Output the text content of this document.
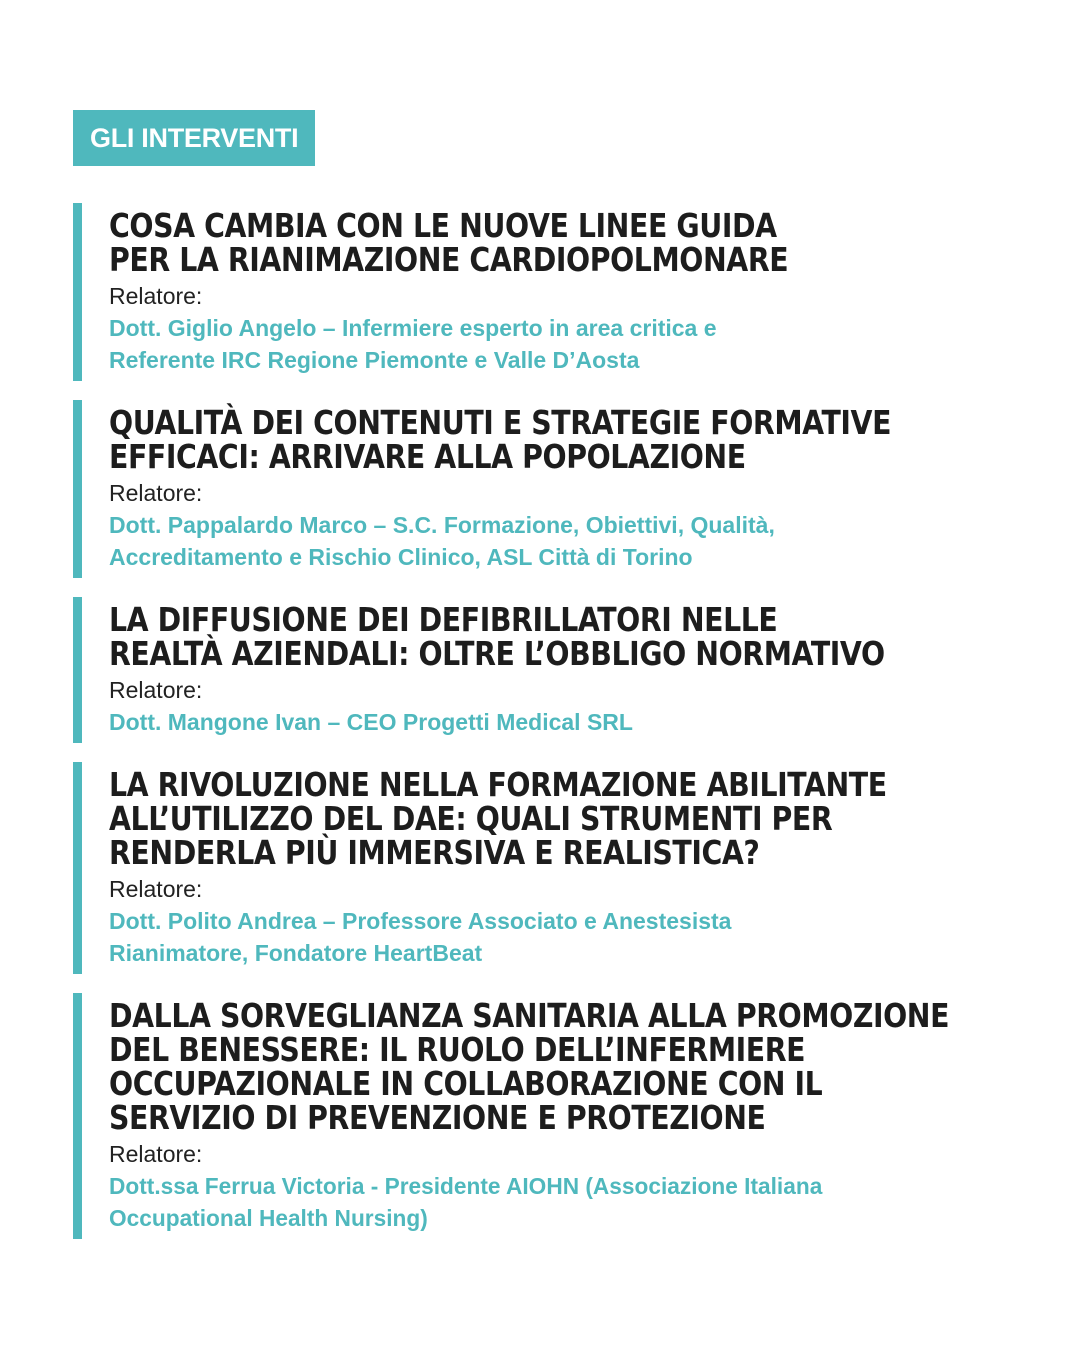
GLI INTERVENTI
COSA CAMBIA CON LE NUOVE LINEE GUIDA
PER LA RIANIMAZIONE CARDIOPOLMONARE
Relatore:
Dott. Giglio Angelo – Infermiere esperto in area critica e
Referente IRC Regione Piemonte e Valle D’Aosta
QUALITÀ DEI CONTENUTI E STRATEGIE FORMATIVE
EFFICACI: ARRIVARE ALLA POPOLAZIONE
Relatore:
Dott. Pappalardo Marco – S.C. Formazione, Obiettivi, Qualità,
Accreditamento e Rischio Clinico, ASL Città di Torino
LA DIFFUSIONE DEI DEFIBRILLATORI NELLE
REALTÀ AZIENDALI: OLTRE L’OBBLIGO NORMATIVO
Relatore:
Dott. Mangone Ivan – CEO Progetti Medical SRL
LA RIVOLUZIONE NELLA FORMAZIONE ABILITANTE
ALL’UTILIZZO DEL DAE: QUALI STRUMENTI PER
RENDERLA PIÙ IMMERSIVA E REALISTICA?
Relatore:
Dott. Polito Andrea – Professore Associato e Anestesista
Rianimatore, Fondatore HeartBeat
DALLA SORVEGLIANZA SANITARIA ALLA PROMOZIONE
DEL BENESSERE: IL RUOLO DELL’INFERMIERE
OCCUPAZIONALE IN COLLABORAZIONE CON IL
SERVIZIO DI PREVENZIONE E PROTEZIONE
Relatore:
Dott.ssa Ferrua Victoria - Presidente AIOHN (Associazione Italiana
Occupational Health Nursing)
